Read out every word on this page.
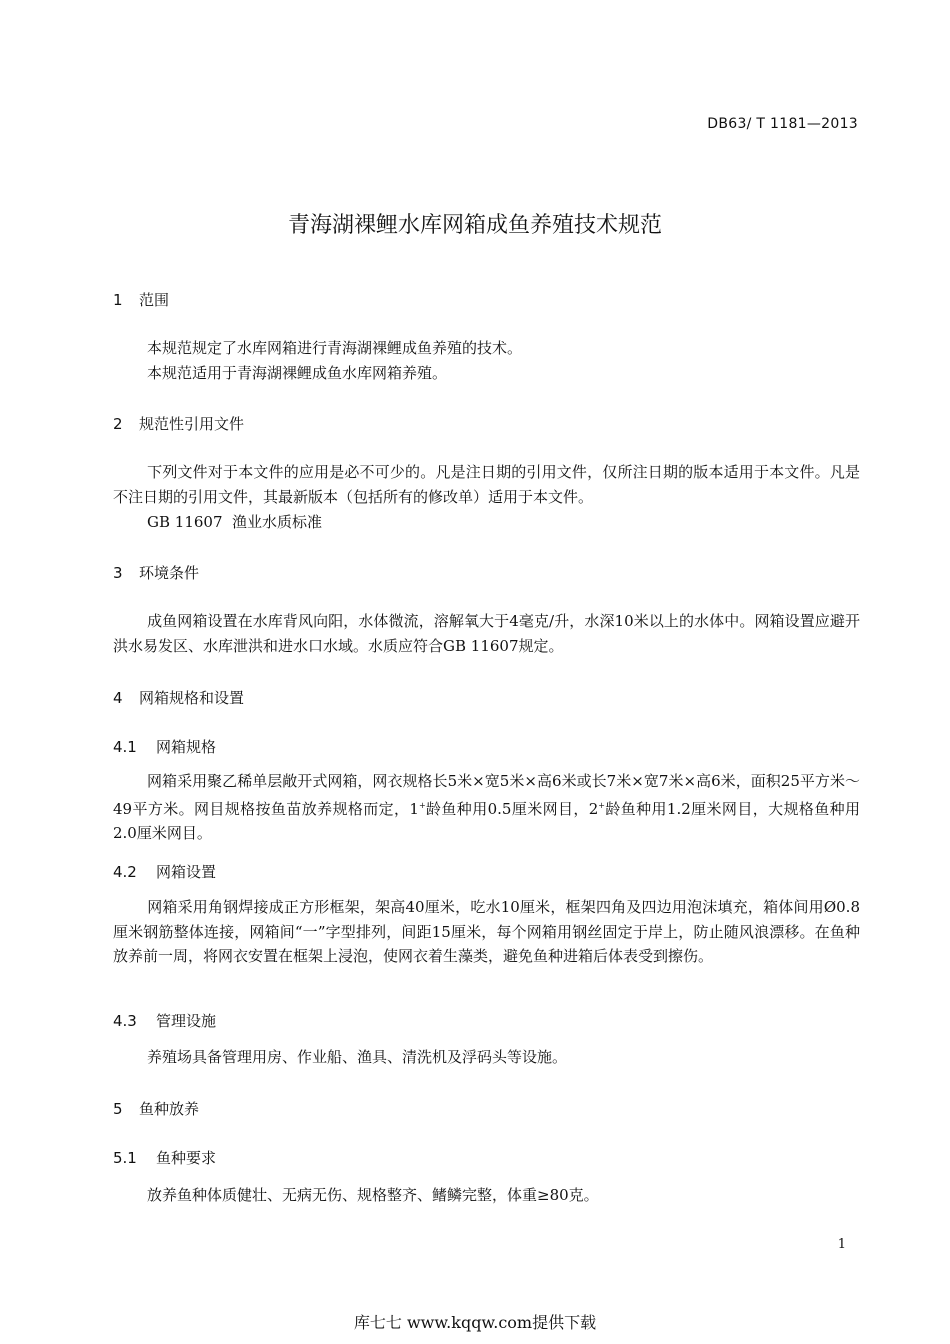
DB63/ T 1181—2013
青海湖裸鲤水库网箱成鱼养殖技术规范
1 范围
本规范规定了水库网箱进行青海湖裸鲤成鱼养殖的技术。
本规范适用于青海湖裸鲤成鱼水库网箱养殖。
2 规范性引用文件
下列文件对于本文件的应用是必不可少的。凡是注日期的引用文件，仅所注日期的版本适用于本文件。凡是不注日期的引用文件，其最新版本（包括所有的修改单）适用于本文件。
GB 11607  渔业水质标准
3 环境条件
成鱼网箱设置在水库背风向阳，水体微流，溶解氧大于4毫克/升，水深10米以上的水体中。网箱设置应避开洪水易发区、水库泄洪和进水口水域。水质应符合GB 11607规定。
4 网箱规格和设置
4.1 网箱规格
网箱采用聚乙稀单层敞开式网箱，网衣规格长5米×宽5米×高6米或长7米×宽7米×高6米，面积25平方米～49平方米。网目规格按鱼苗放养规格而定，1+龄鱼种用0.5厘米网目，2+龄鱼种用1.2厘米网目，大规格鱼种用2.0厘米网目。
4.2 网箱设置
网箱采用角钢焊接成正方形框架，架高40厘米，吃水10厘米，框架四角及四边用泡沫填充，箱体间用Ø0.8厘米钢筋整体连接，网箱间“一”字型排列，间距15厘米，每个网箱用钢丝固定于岸上，防止随风浪漂移。在鱼种放养前一周，将网衣安置在框架上浸泡，使网衣着生藻类，避免鱼种进箱后体表受到擦伤。
4.3 管理设施
养殖场具备管理用房、作业船、渔具、清洗机及浮码头等设施。
5 鱼种放养
5.1 鱼种要求
放养鱼种体质健壮、无病无伤、规格整齐、鳍鳞完整，体重≥80克。
1
库七七 www.kqqw.com提供下载
